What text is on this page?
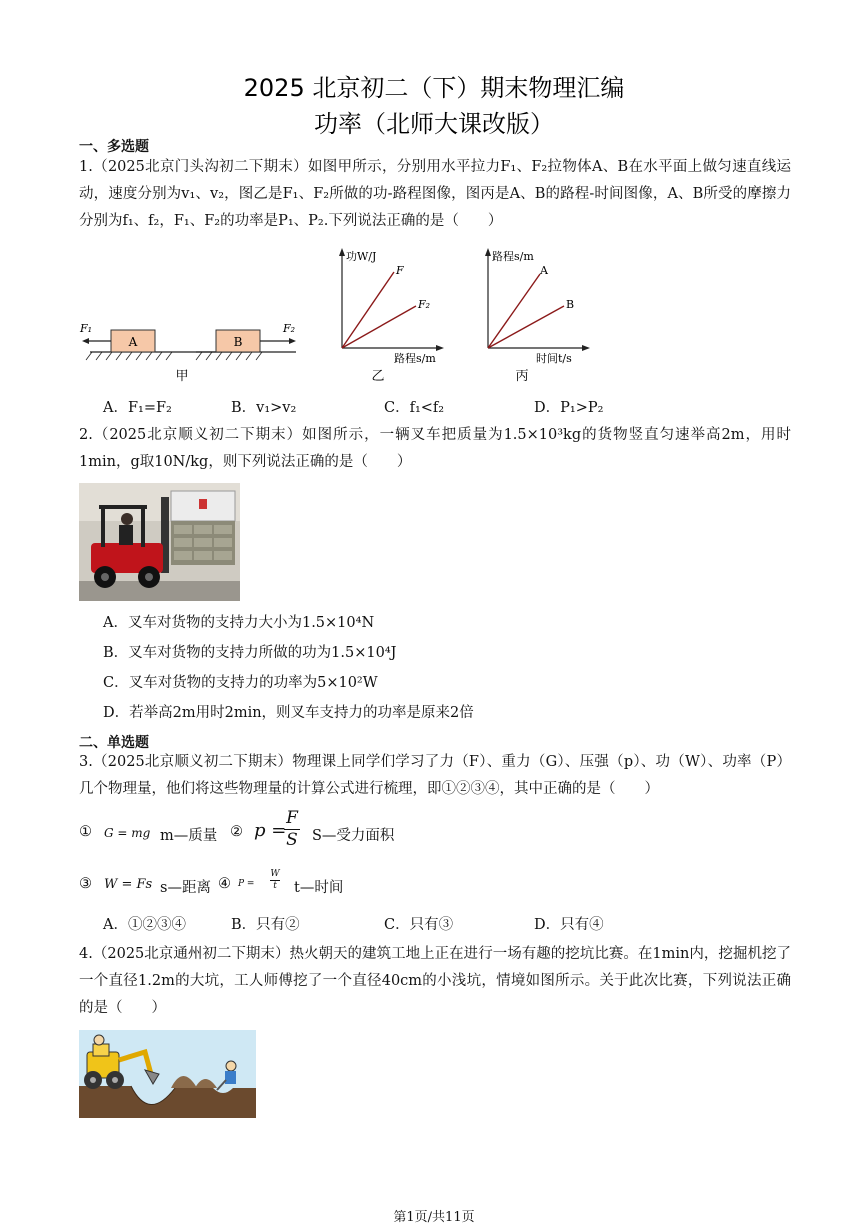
2025 北京初二（下）期末物理汇编
功率（北师大课改版）
一、多选题
1.（2025北京门头沟初二下期末）如图甲所示，分别用水平拉力F₁、F₂拉物体A、B在水平面上做匀速直线运动，速度分别为v₁、v₂，图乙是F₁、F₂所做的功-路程图像，图丙是A、B的路程-时间图像，A、B所受的摩擦力分别为f₁、f₂，F₁、F₂的功率是P₁、P₂.下列说法正确的是（　　）
A
F₁
B
F₂
甲
功W/J
路程s/m
F
F₂
乙
路程s/m
时间t/s
A
B
丙
A．F₁=F₂	B．v₁>v₂	C．f₁<f₂	D．P₁>P₂
2.（2025北京顺义初二下期末）如图所示，一辆叉车把质量为1.5×10³kg的货物竖直匀速举高2m，用时1min，g取10N/kg，则下列说法正确的是（　　）
A．叉车对货物的支持力大小为1.5×10⁴N
B．叉车对货物的支持力所做的功为1.5×10⁴J
C．叉车对货物的支持力的功率为5×10²W
D．若举高2m用时2min，则叉车支持力的功率是原来2倍
二、单选题
3.（2025北京顺义初二下期末）物理课上同学们学习了力（F）、重力（G）、压强（p）、功（W）、功率（P）几个物理量，他们将这些物理量的计算公式进行梳理，即①②③④，其中正确的是（　　）
① G = mg m—质量 ② p =
$\frac{F}{S}$ S—受力面积
③ W = Fs s—距离 ④ $P = \frac{W}{t}$ t—时间
A．①②③④	B．只有②	C．只有③	D．只有④
4.（2025北京通州初二下期末）热火朝天的建筑工地上正在进行一场有趣的挖坑比赛。在1min内，挖掘机挖了一个直径1.2m的大坑，工人师傅挖了一个直径40cm的小浅坑，情境如图所示。关于此次比赛，下列说法正确的是（　　）
第1页/共11页
